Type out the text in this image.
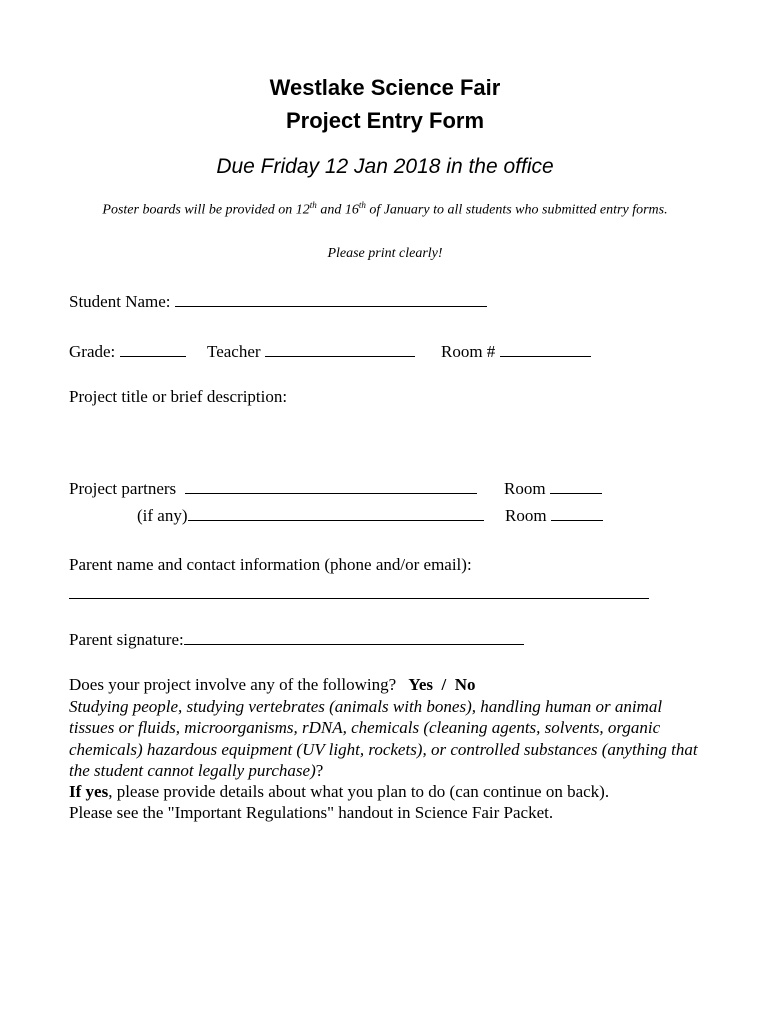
Westlake Science Fair
Project Entry Form
Due Friday 12 Jan 2018 in the office
Poster boards will be provided on 12th and 16th of January to all students who submitted entry forms.
Please print clearly!
Student Name:
Grade:	Teacher	Room #
Project title or brief description:
Project partners	Room
(if any)	Room
Parent name and contact information (phone and/or email):
Parent signature:
Does your project involve any of the following? Yes  /  No
Studying people, studying vertebrates (animals with bones), handling human or animal tissues or fluids, microorganisms, rDNA, chemicals (cleaning agents, solvents, organic chemicals) hazardous equipment (UV light, rockets), or controlled substances (anything that the student cannot legally purchase)?
If yes, please provide details about what you plan to do (can continue on back).
Please see the "Important Regulations" handout in Science Fair Packet.
